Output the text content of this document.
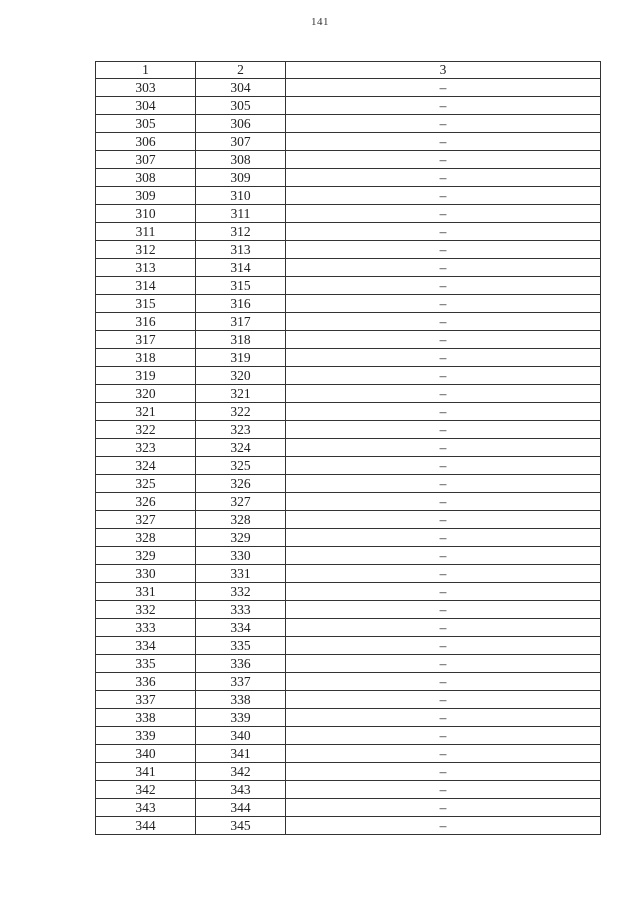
141
1	2	3
303	304	–
304	305	–
305	306	–
306	307	–
307	308	–
308	309	–
309	310	–
310	311	–
311	312	–
312	313	–
313	314	–
314	315	–
315	316	–
316	317	–
317	318	–
318	319	–
319	320	–
320	321	–
321	322	–
322	323	–
323	324	–
324	325	–
325	326	–
326	327	–
327	328	–
328	329	–
329	330	–
330	331	–
331	332	–
332	333	–
333	334	–
334	335	–
335	336	–
336	337	–
337	338	–
338	339	–
339	340	–
340	341	–
341	342	–
342	343	–
343	344	–
344	345	–
